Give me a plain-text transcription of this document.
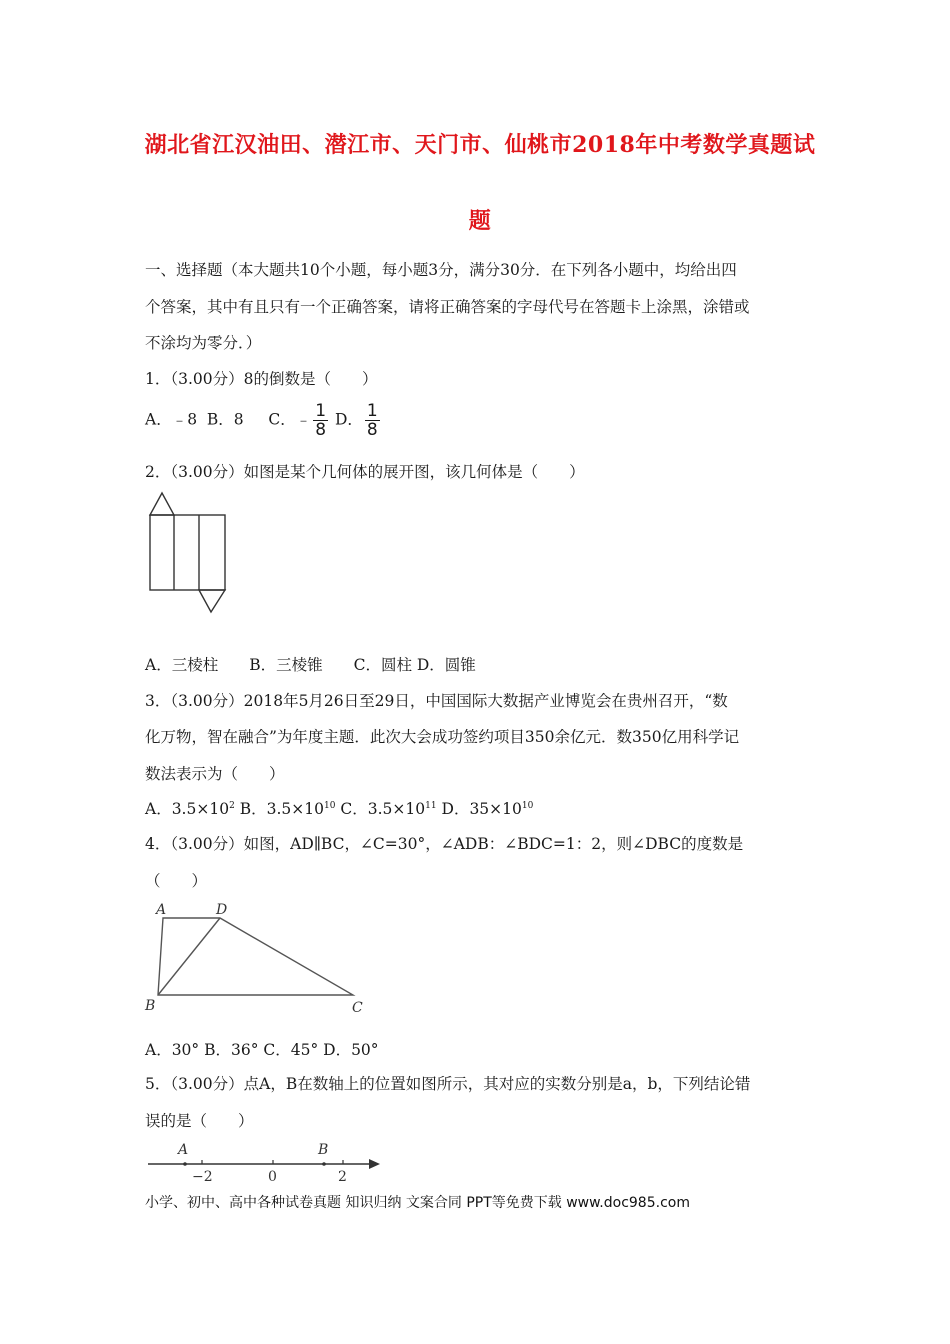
湖北省江汉油田、潜江市、天门市、仙桃市2018年中考数学真题试
题
一、选择题（本大题共10个小题，每小题3分，满分30分．在下列各小题中，均给出四
个答案，其中有且只有一个正确答案，请将正确答案的字母代号在答题卡上涂黑，涂错或
不涂均为零分．）
1．（3.00分）8的倒数是（　　）
A．﹣8 B．8 C．﹣ $\frac{1}{8}$ D． $\frac{1}{8}$
2．（3.00分）如图是某个几何体的展开图，该几何体是（　　）
A．三棱柱　　B．三棱锥　　C．圆柱 D．圆锥
3．（3.00分）2018年5月26日至29日，中国国际大数据产业博览会在贵州召开，“数
化万物，智在融合”为年度主题．此次大会成功签约项目350余亿元．数350亿用科学记
数法表示为（　　）
A．$3.5\times 10^2$ B．$3.5\times 10^{10}$ C．$3.5\times 10^{11}$ D．$35\times 10^{10}$
4．（3.00分）如图，AD∥BC，∠C=30°，∠ADB：∠BDC=1：2，则∠DBC的度数是
（　　）
A	D
B	C
A．30° B．36° C．45° D．50°
5．（3.00分）点A，B在数轴上的位置如图所示，其对应的实数分别是a，b，下列结论错
误的是（　　）
A	B
−2	0	2
小学、初中、高中各种试卷真题 知识归纳 文案合同 PPT等免费下载 www.doc985.com
